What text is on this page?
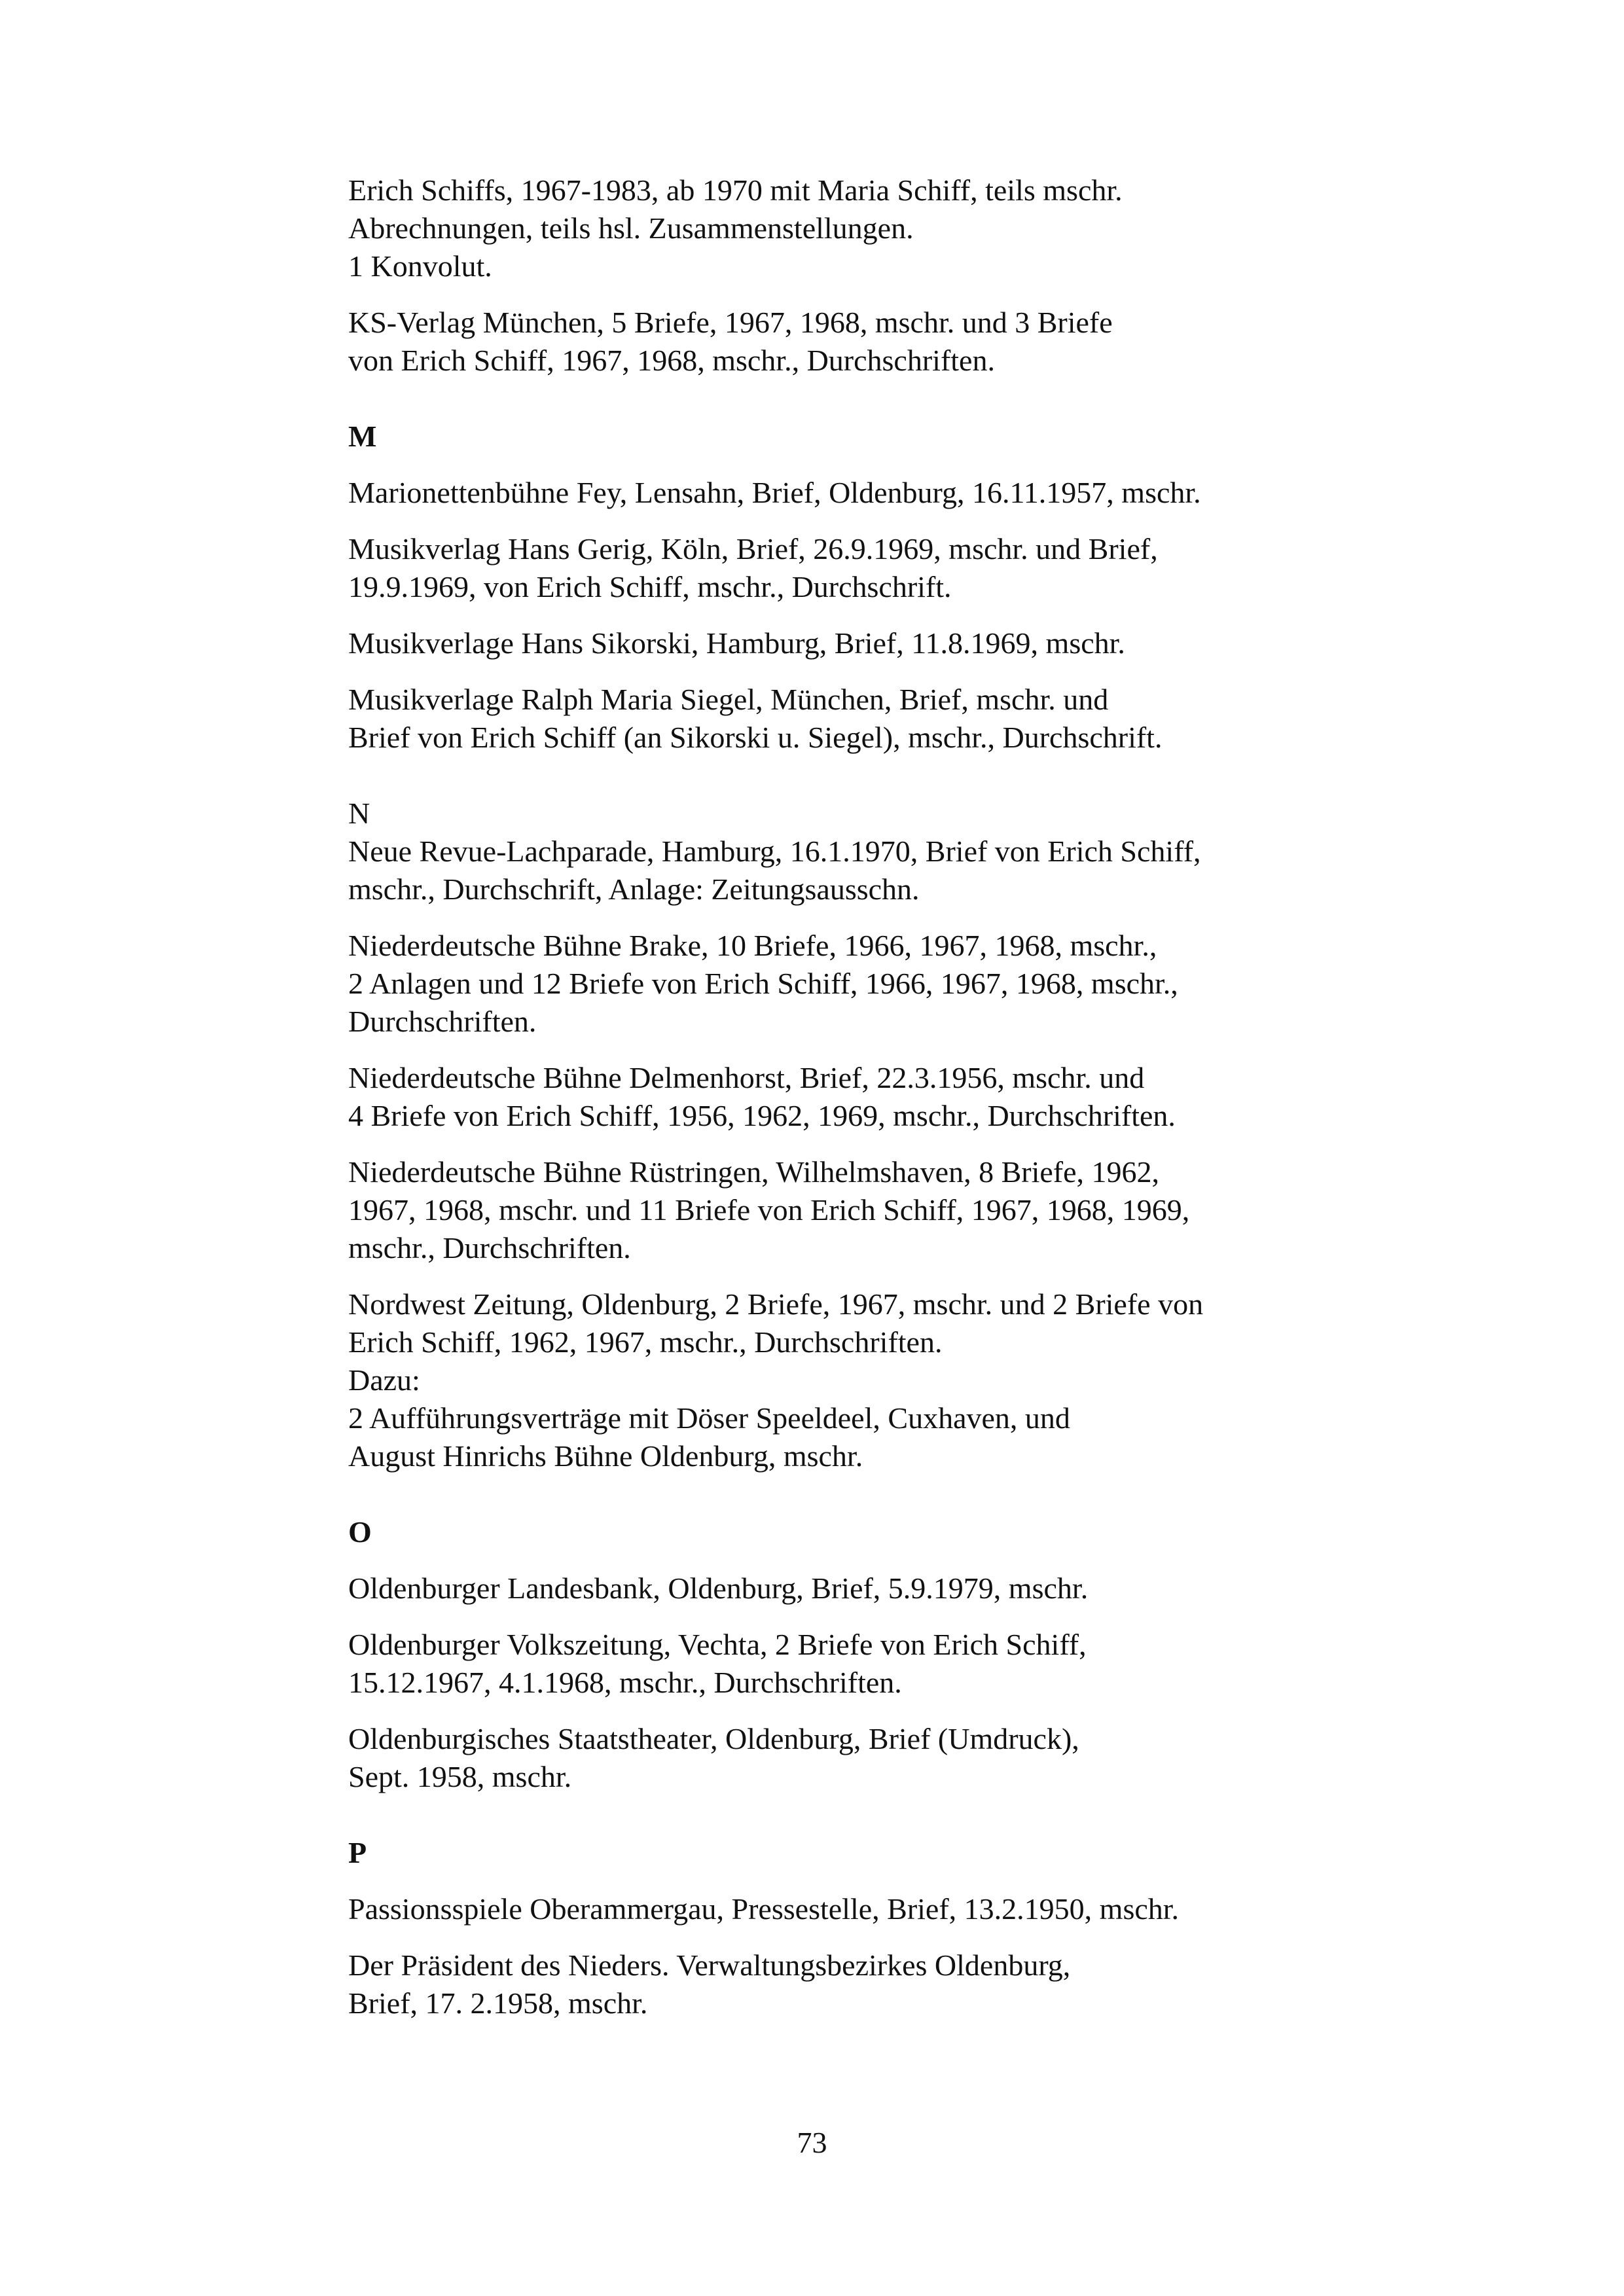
Erich Schiffs, 1967-1983, ab 1970 mit Maria Schiff, teils mschr.
Abrechnungen, teils hsl. Zusammenstellungen.
1 Konvolut.
KS-Verlag München, 5 Briefe, 1967, 1968, mschr. und 3 Briefe
von Erich Schiff, 1967, 1968, mschr., Durchschriften.
M
Marionettenbühne Fey, Lensahn, Brief, Oldenburg, 16.11.1957, mschr.
Musikverlag Hans Gerig, Köln, Brief, 26.9.1969, mschr. und Brief,
19.9.1969, von Erich Schiff, mschr., Durchschrift.
Musikverlage Hans Sikorski, Hamburg, Brief, 11.8.1969, mschr.
Musikverlage Ralph Maria Siegel, München, Brief, mschr. und
Brief von Erich Schiff (an Sikorski u. Siegel), mschr., Durchschrift.
N
Neue Revue-Lachparade, Hamburg, 16.1.1970, Brief von Erich Schiff,
mschr., Durchschrift, Anlage: Zeitungsausschn.
Niederdeutsche Bühne Brake, 10 Briefe, 1966, 1967, 1968, mschr.,
2 Anlagen und 12 Briefe von Erich Schiff, 1966, 1967, 1968, mschr.,
Durchschriften.
Niederdeutsche Bühne Delmenhorst, Brief, 22.3.1956, mschr. und
4 Briefe von Erich Schiff, 1956, 1962, 1969, mschr., Durchschriften.
Niederdeutsche Bühne Rüstringen, Wilhelmshaven, 8 Briefe, 1962,
1967, 1968, mschr. und 11 Briefe von Erich Schiff, 1967, 1968, 1969,
mschr., Durchschriften.
Nordwest Zeitung, Oldenburg, 2 Briefe, 1967, mschr. und 2 Briefe von
Erich Schiff, 1962, 1967, mschr., Durchschriften.
Dazu:
2 Aufführungsverträge mit Döser Speeldeel, Cuxhaven, und
August Hinrichs Bühne Oldenburg, mschr.
O
Oldenburger Landesbank, Oldenburg, Brief, 5.9.1979, mschr.
Oldenburger Volkszeitung, Vechta, 2 Briefe von Erich Schiff,
15.12.1967, 4.1.1968, mschr., Durchschriften.
Oldenburgisches Staatstheater, Oldenburg, Brief (Umdruck),
Sept. 1958, mschr.
P
Passionsspiele Oberammergau, Pressestelle, Brief, 13.2.1950, mschr.
Der Präsident des Nieders. Verwaltungsbezirkes Oldenburg,
Brief, 17. 2.1958, mschr.
73
